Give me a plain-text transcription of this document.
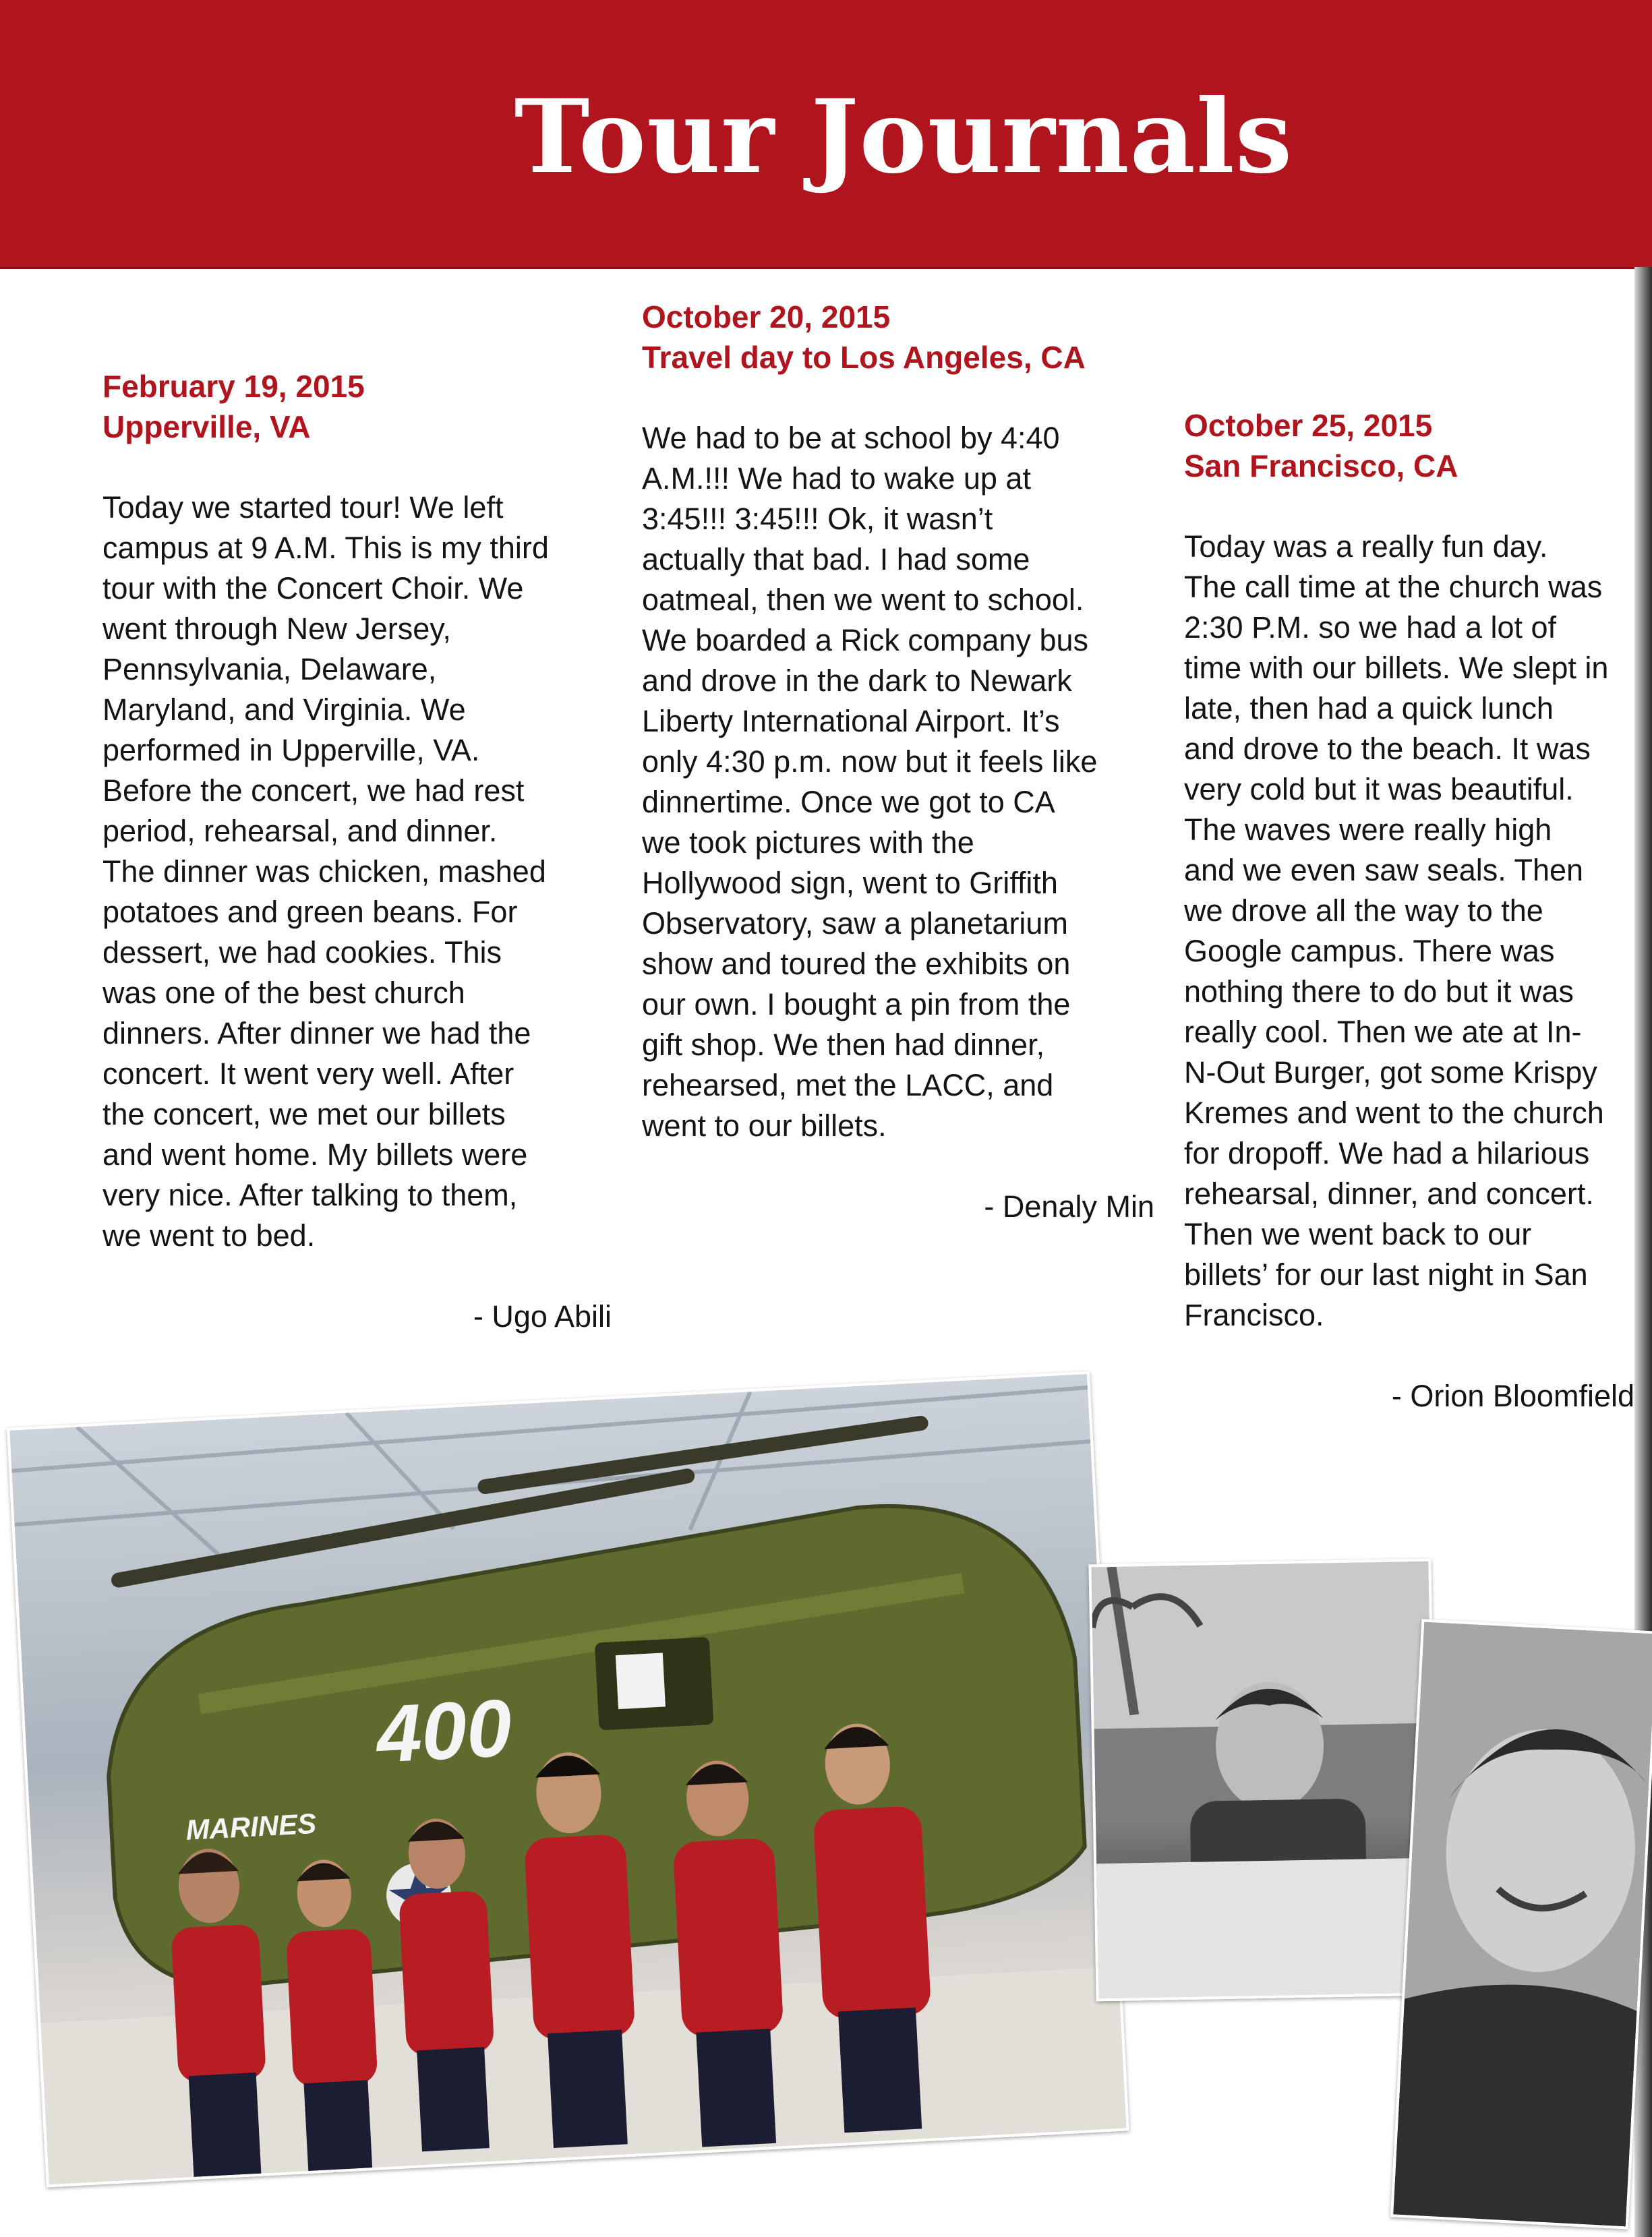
Tour Journals

February 19, 2015

Upperville, VA

Today we started tour! We left
campus at 9 A.M. This is my third
tour with the Concert Choir. We
went through New Jersey,
Pennsylvania, Delaware,
Maryland, and Virginia. We
performed in Upperville, VA.
Before the concert, we had rest
period, rehearsal, and dinner.
The dinner was chicken, mashed
potatoes and green beans. For
dessert, we had cookies. This
was one of the best church
dinners. After dinner we had the
concert. It went very well. After
the concert, we met our billets
and went home. My billets were
very nice. After talking to them,
we went to bed.
- Ugo Abili

October 20, 2015

Travel day to Los Angeles, CA

We had to be at school by 4:40
A.M.!!! We had to wake up at
3:45!!! 3:45!!! Ok, it wasn’t
actually that bad. I had some
oatmeal, then we went to school.
We boarded a Rick company bus
and drove in the dark to Newark
Liberty International Airport. It’s
only 4:30 p.m. now but it feels like
dinnertime. Once we got to CA
we took pictures with the
Hollywood sign, went to Griffith
Observatory, saw a planetarium
show and toured the exhibits on
our own. I bought a pin from the
gift shop. We then had dinner,
rehearsed, met the LACC, and
went to our billets.
- Denaly Min

October 25, 2015

San Francisco, CA

Today was a really fun day.
The call time at the church was
2:30 P.M. so we had a lot of
time with our billets. We slept in
late, then had a quick lunch
and drove to the beach. It was
very cold but it was beautiful.
The waves were really high
and we even saw seals. Then
we drove all the way to the
Google campus. There was
nothing there to do but it was
really cool. Then we ate at In-
N-Out Burger, got some Krispy
Kremes and went to the church
for dropoff. We had a hilarious
rehearsal, dinner, and concert.
Then we went back to our
billets’ for our last night in San
Francisco.
- Orion Bloomfield
400
MARINES
